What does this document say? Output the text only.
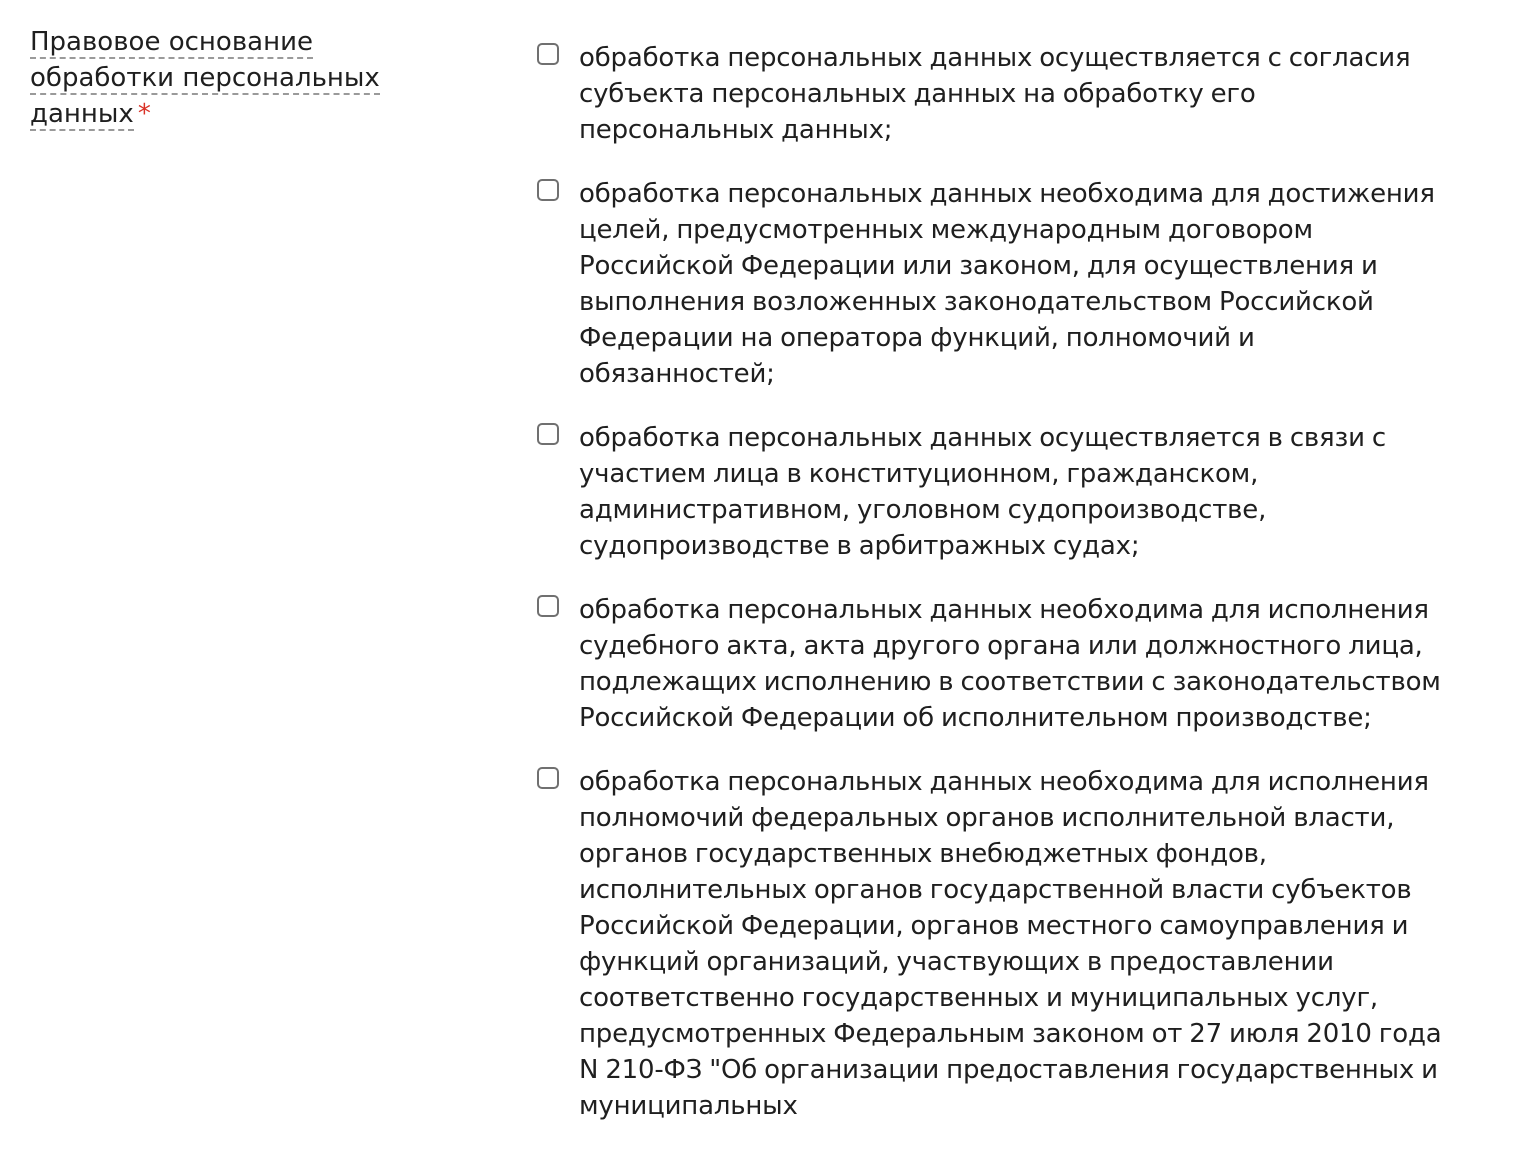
Правовое основание обработки персональных данных *
обработка персональных данных осуществляется с согласия субъекта персональных данных на обработку его персональных данных;
обработка персональных данных необходима для достижения целей, предусмотренных международным договором Российской Федерации или законом, для осуществления и выполнения возложенных законодательством Российской Федерации на оператора функций, полномочий и обязанностей;
обработка персональных данных осуществляется в связи с участием лица в конституционном, гражданском, административном, уголовном судопроизводстве, судопроизводстве в арбитражных судах;
обработка персональных данных необходима для исполнения судебного акта, акта другого органа или должностного лица, подлежащих исполнению в соответствии с законодательством Российской Федерации об исполнительном производстве;
обработка персональных данных необходима для исполнения полномочий федеральных органов исполнительной власти, органов государственных внебюджетных фондов, исполнительных органов государственной власти субъектов Российской Федерации, органов местного самоуправления и функций организаций, участвующих в предоставлении соответственно государственных и муниципальных услуг, предусмотренных Федеральным законом от 27 июля 2010 года N 210-ФЗ "Об организации предоставления государственных и муниципальных
